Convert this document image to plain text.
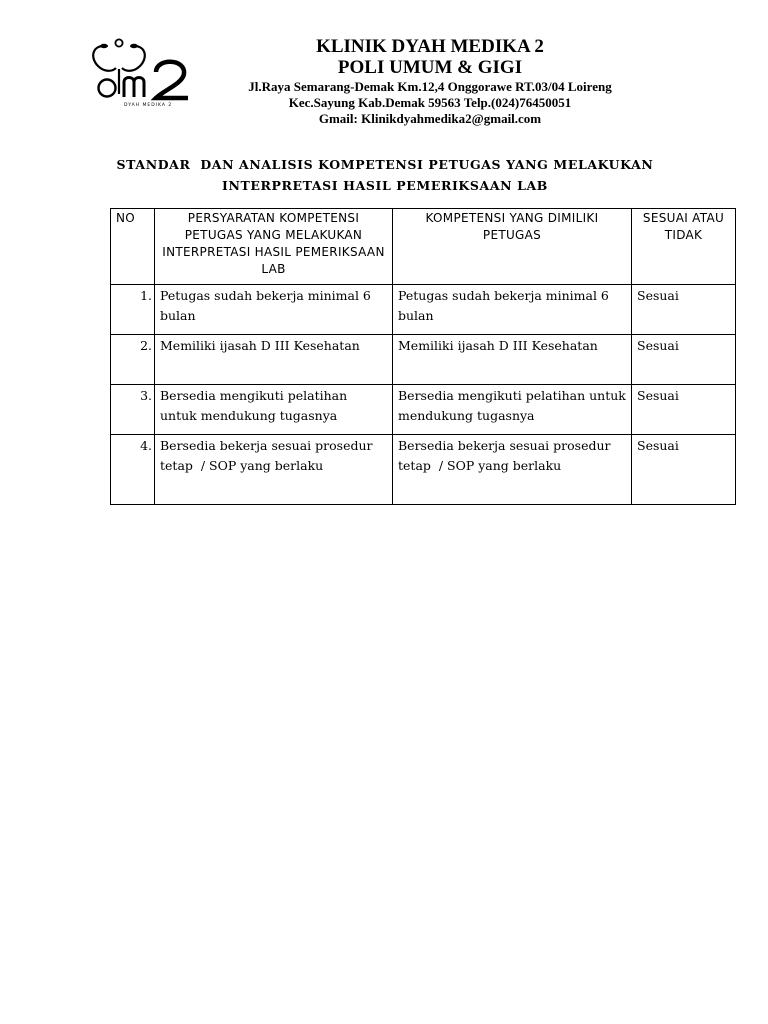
DYAH MEDIKA 2
KLINIK DYAH MEDIKA 2
POLI UMUM & GIGI
Jl.Raya Semarang-Demak Km.12,4 Onggorawe RT.03/04 Loireng
Kec.Sayung Kab.Demak 59563 Telp.(024)76450051
Gmail: Klinikdyahmedika2@gmail.com
STANDAR  DAN ANALISIS KOMPETENSI PETUGAS YANG MELAKUKAN
INTERPRETASI HASIL PEMERIKSAAN LAB
NO	PERSYARATAN KOMPETENSI PETUGAS YANG MELAKUKAN INTERPRETASI HASIL PEMERIKSAAN LAB	KOMPETENSI YANG DIMILIKI PETUGAS	SESUAI ATAU TIDAK
1.	Petugas sudah bekerja minimal 6 bulan	Petugas sudah bekerja minimal 6 bulan	Sesuai
2.	Memiliki ijasah D III Kesehatan	Memiliki ijasah D III Kesehatan	Sesuai
3.	Bersedia mengikuti pelatihan untuk mendukung tugasnya	Bersedia mengikuti pelatihan untuk mendukung tugasnya	Sesuai
4.	Bersedia bekerja sesuai prosedur tetap  / SOP yang berlaku	Bersedia bekerja sesuai prosedur tetap  / SOP yang berlaku	Sesuai
